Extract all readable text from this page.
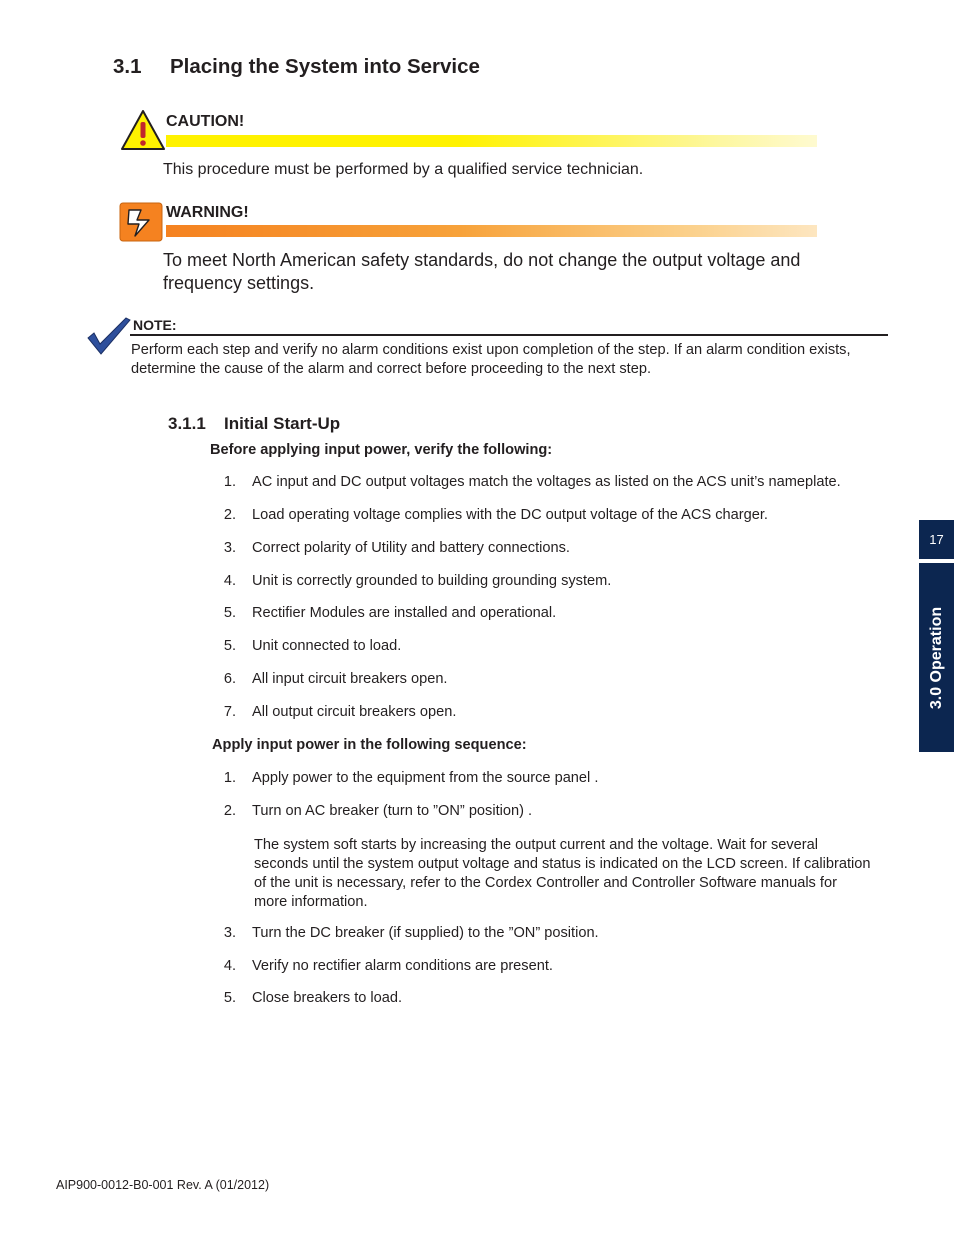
3.1 Placing the System into Service
CAUTION!
This procedure must be performed by a qualified service technician.
WARNING!
To meet North American safety standards, do not change the output voltage and frequency settings.
NOTE:
Perform each step and verify no alarm conditions exist upon completion of the step. If an alarm condition exists, determine the cause of the alarm and correct before proceeding to the next step.
3.1.1 Initial Start-Up
Before applying input power, verify the following:
1. AC input and DC output voltages match the voltages as listed on the ACS unit’s nameplate.
2. Load operating voltage complies with the DC output voltage of the ACS charger.
3. Correct polarity of Utility and battery connections.
4. Unit is correctly grounded to building grounding system.
5. Rectifier Modules are installed and operational.
5. Unit connected to load.
6. All input circuit breakers open.
7. All output circuit breakers open.
Apply input power in the following sequence:
1. Apply power to the equipment from the source panel .
2. Turn on AC breaker (turn to ”ON” position) .
The system soft starts by increasing the output current and the voltage. Wait for several seconds until the system output voltage and status is indicated on the LCD screen. If calibration of the unit is necessary, refer to the Cordex Controller and Controller Software manuals for more information.
3. Turn the DC breaker (if supplied) to the ”ON” position.
4. Verify no rectifier alarm conditions are present.
5. Close breakers to load.
17
3.0 Operation
AIP900-0012-B0-001 Rev. A (01/2012)
